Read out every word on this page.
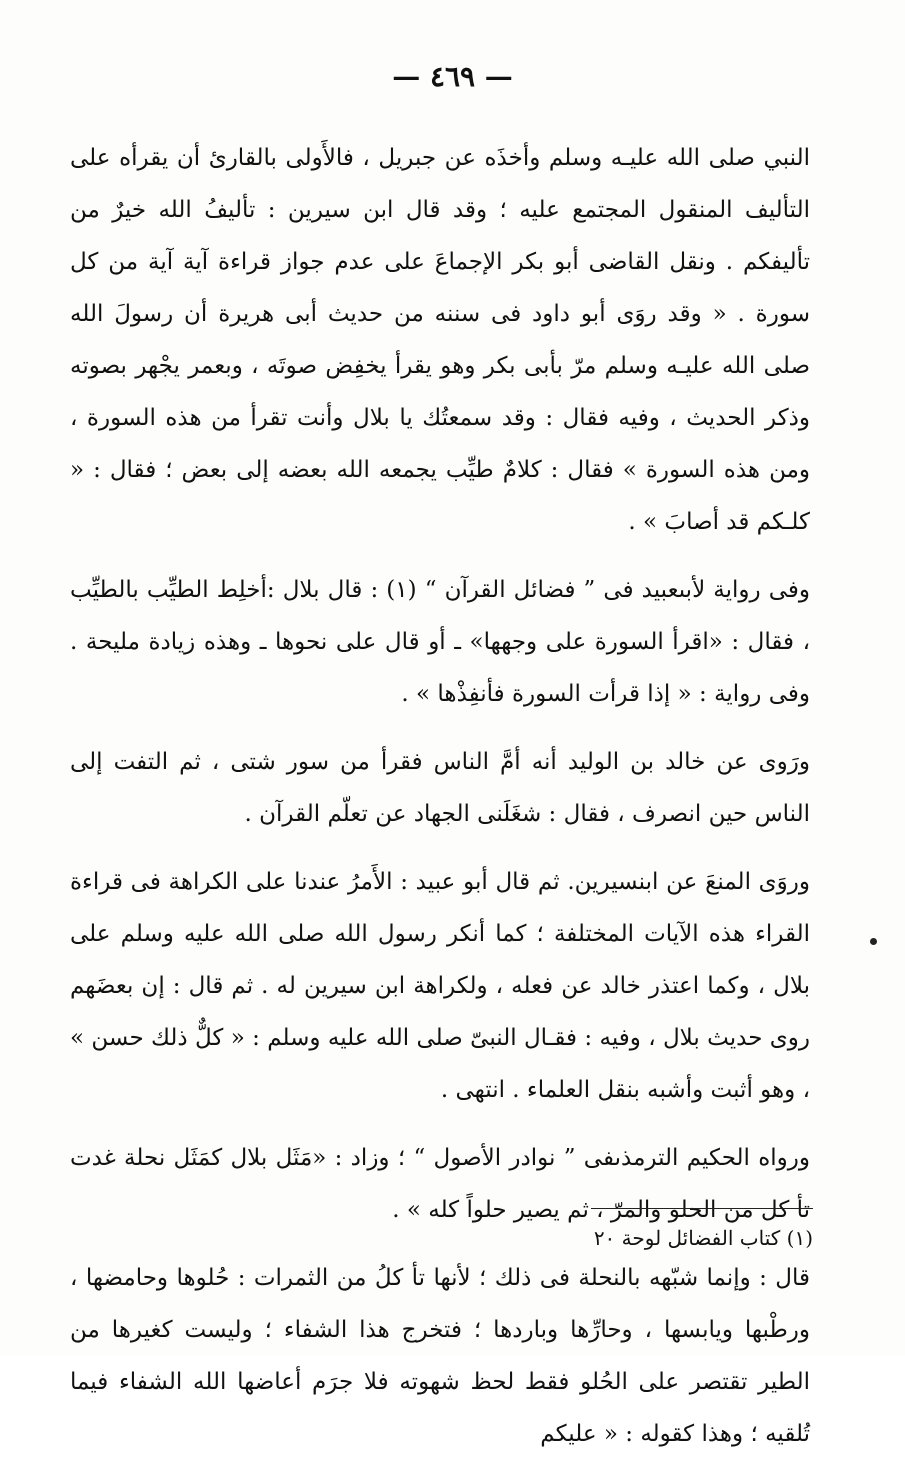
— ٤٦٩ —

النبي صلى الله عليـه وسلم وأخذَه عن جبريل ، فالأَولى بالقارئ أن يقرأه على التأليف المنقول المجتمع عليه ؛ وقد قال ابن سيرين : تأليفُ الله خيرٌ من تأليفكم . ونقل القاضى أبو بكر الإجماعَ على عدم جواز قراءة آية آية من كل سورة . « وقد روَى أبو داود فى سننه من حديث أبى هريرة أن رسولَ الله صلى الله عليـه وسلم مرّ بأبى بكر وهو يقرأ يخفِض صوتَه ، وبعمر يجْهر بصوته وذكر الحديث ، وفيه فقال : وقد سمعتُك يا بلال وأنت تقرأ من هذه السورة ، ومن هذه السورة » فقال : كلامٌ طيِّب يجمعه الله بعضه إلى بعض ؛ فقال : « كلـكم قد أصابَ » .

وفى رواية لأبىعبيد فى ” فضائل القرآن “ (١) : قال بلال :أخلِط الطيِّب بالطيِّب ، فقال : «اقرأ السورة على وجهها» ـ أو قال على نحوها ـ وهذه زيادة مليحة . وفى رواية : « إذا قرأت السورة فأنفِذْها » .

ورَوى عن خالد بن الوليد أنه أمَّ الناس فقرأ من سور شتى ، ثم التفت إلى الناس حين انصرف ، فقال : شغَلَنى الجهاد عن تعلّم القرآن .

وروَى المنعَ عن ابنسيرين. ثم قال أبو عبيد : الأَمرُ عندنا على الكراهة فى قراءة القراء هذه الآيات المختلفة ؛ كما أنكر رسول الله صلى الله عليه وسلم على بلال ، وكما اعتذر خالد عن فعله ، ولكراهة ابن سيرين له . ثم قال : إن بعضَهم روى حديث بلال ، وفيه : فقـال النبىّ صلى الله عليه وسلم : « كلٌّ ذلك حسن » ، وهو أثبت وأشبه بنقل العلماء . انتهى .

ورواه الحكيم الترمذىفى ” نوادر الأصول “ ؛ وزاد : «مَثَل بلال كمَثَل نحلة غدت تأ كل من الحلو والمرّ ، ثم يصير حلواً كله » .

قال : وإنما شبّهه بالنحلة فى ذلك ؛ لأنها تأ كلُ من الثمرات : حُلوها وحامضها ، ورطْبها ويابسها ، وحارِّها وباردها ؛ فتخرج هذا الشفاء ؛ وليست كغيرها من الطير تقتصر على الحُلو فقط لحظ شهوته فلا جرَم أعاضها الله الشفاء فيما تُلقيه ؛ وهذا كقوله : « عليكم

(١) كتاب الفضائل لوحة ٢٠
